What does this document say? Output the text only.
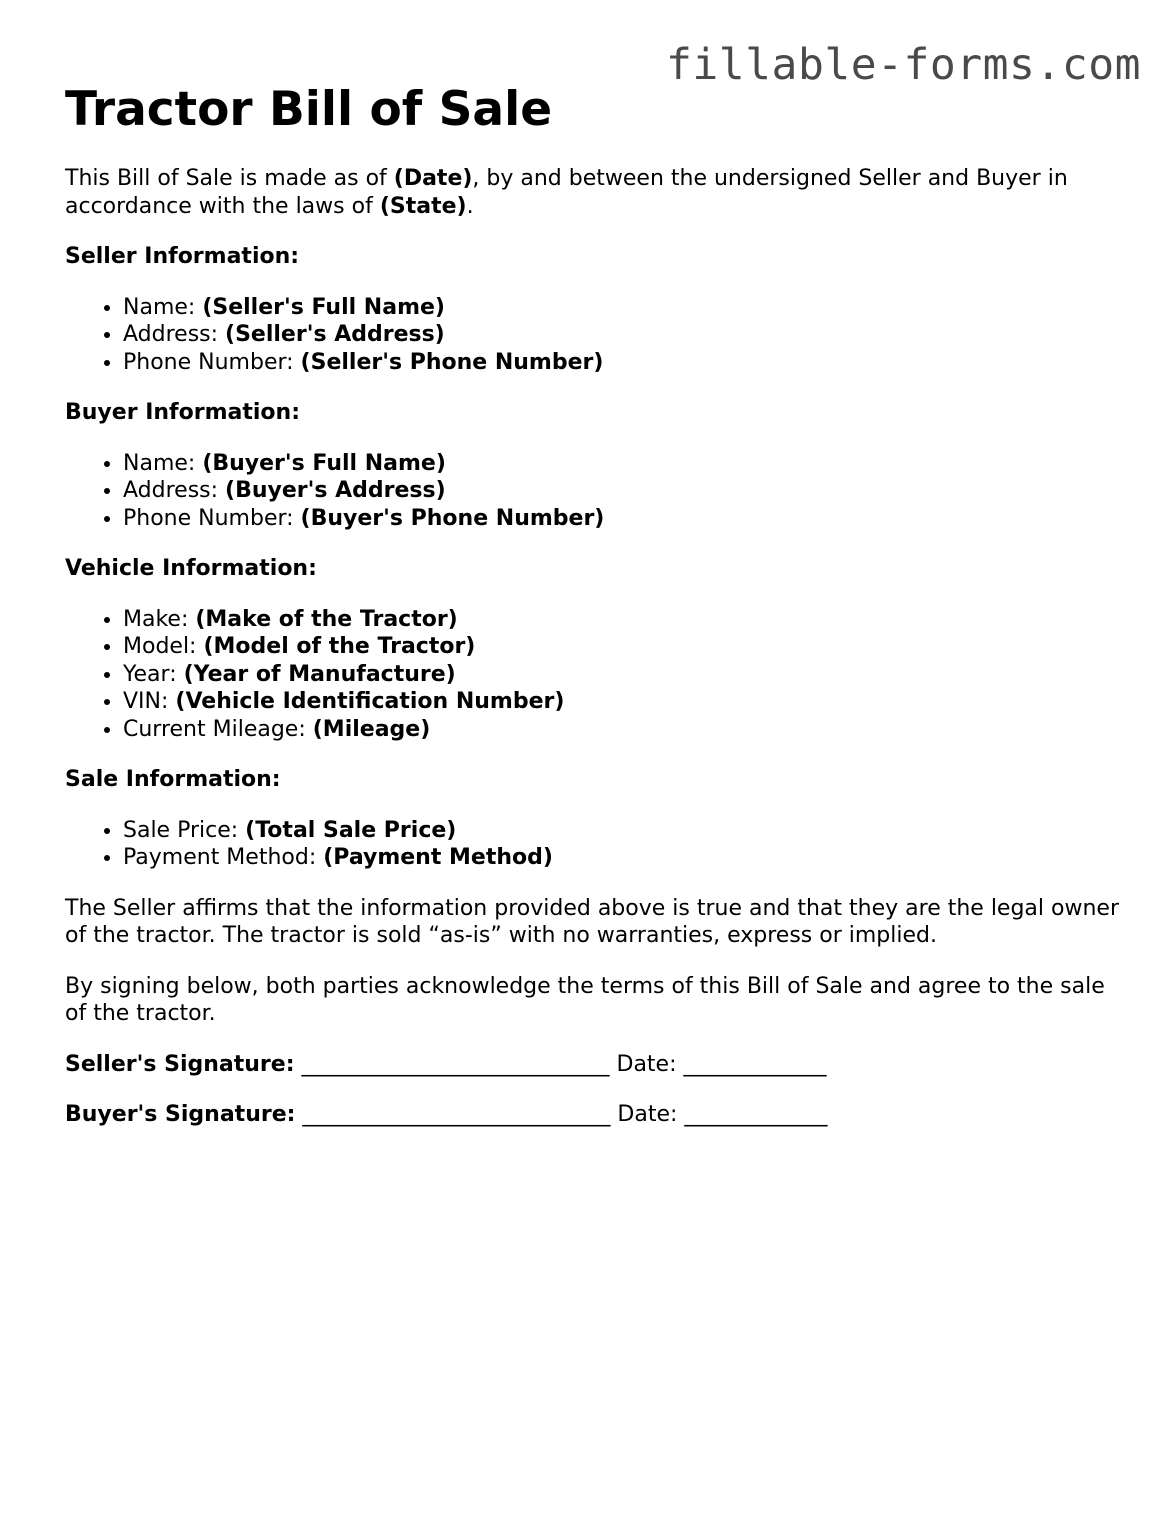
fillable-forms.com
Tractor Bill of Sale

This Bill of Sale is made as of (Date), by and between the undersigned Seller and Buyer in accordance with the laws of (State).

Seller Information:
• Name: (Seller's Full Name)
• Address: (Seller's Address)
• Phone Number: (Seller's Phone Number)
Buyer Information:
• Name: (Buyer's Full Name)
• Address: (Buyer's Address)
• Phone Number: (Buyer's Phone Number)
Vehicle Information:
• Make: (Make of the Tractor)
• Model: (Model of the Tractor)
• Year: (Year of Manufacture)
• VIN: (Vehicle Identification Number)
• Current Mileage: (Mileage)
Sale Information:
• Sale Price: (Total Sale Price)
• Payment Method: (Payment Method)

The Seller affirms that the information provided above is true and that they are the legal owner of the tractor. The tractor is sold “as-is” with no warranties, express or implied.

By signing below, both parties acknowledge the terms of this Bill of Sale and agree to the sale of the tractor.

Seller's Signature: ____________________________ Date: _____________
Buyer's Signature: ____________________________ Date: _____________
